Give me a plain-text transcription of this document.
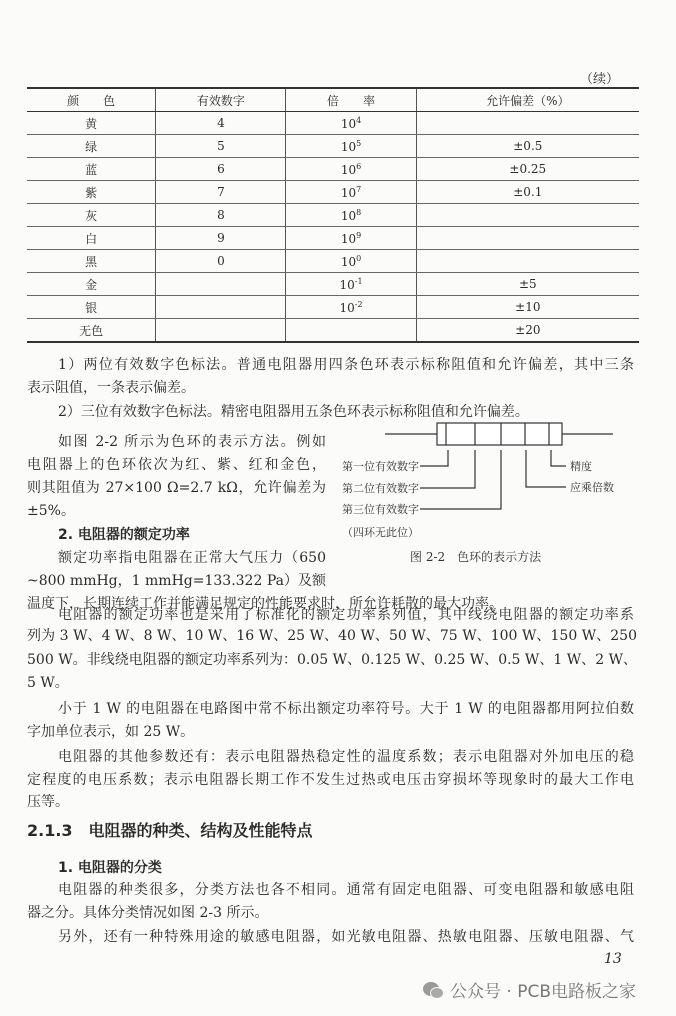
（续）
颜　　色	有效数字	倍　　率	允许偏差（%）
黄	4	$10^4$	
绿	5	$10^5$	±0.5
蓝	6	$10^6$	±0.25
紫	7	$10^7$	±0.1
灰	8	$10^8$	
白	9	$10^9$	
黑	0	$10^0$	
金		$10^{-1}$	±5
银		$10^{-2}$	±10
无色			±20
1）两位有效数字色标法。普通电阻器用四条色环表示标称阻值和允许偏差，其中三条
表示阻值，一条表示偏差。
2）三位有效数字色标法。精密电阻器用五条色环表示标称阻值和允许偏差。
如图 2-2 所示为色环的表示方法。例如
电阻器上的色环依次为红、紫、红和金色，
则其阻值为 27×100 Ω=2.7 kΩ，允许偏差为
±5%。
2. 电阻器的额定功率
额定功率指电阻器在正常大气压力（650
~800 mmHg，1 mmHg=133.322 Pa）及额
温度下，长期连续工作并能满足规定的性能要求时，所允许耗散的最大功率。
第一位有效数字
第二位有效数字
第三位有效数字
（四环无此位）
精度
应乘倍数
图 2-2　色环的表示方法
电阻器的额定功率也是采用了标准化的额定功率系列值，其中线绕电阻器的额定功率系
列为 3 W、4 W、8 W、10 W、16 W、25 W、40 W、50 W、75 W、100 W、150 W、250
500 W。非线绕电阻器的额定功率系列为：0.05 W、0.125 W、0.25 W、0.5 W、1 W、2 W、
5 W。
小于 1 W 的电阻器在电路图中常不标出额定功率符号。大于 1 W 的电阻器都用阿拉伯数
字加单位表示，如 25 W。
电阻器的其他参数还有：表示电阻器热稳定性的温度系数；表示电阻器对外加电压的稳
定程度的电压系数；表示电阻器长期工作不发生过热或电压击穿损坏等现象时的最大工作电
压等。
2.1.3　电阻器的种类、结构及性能特点
1. 电阻器的分类
电阻器的种类很多，分类方法也各不相同。通常有固定电阻器、可变电阻器和敏感电阻
器之分。具体分类情况如图 2-3 所示。
另外，还有一种特殊用途的敏感电阻器，如光敏电阻器、热敏电阻器、压敏电阻器、气
13
公众号 · PCB电路板之家
